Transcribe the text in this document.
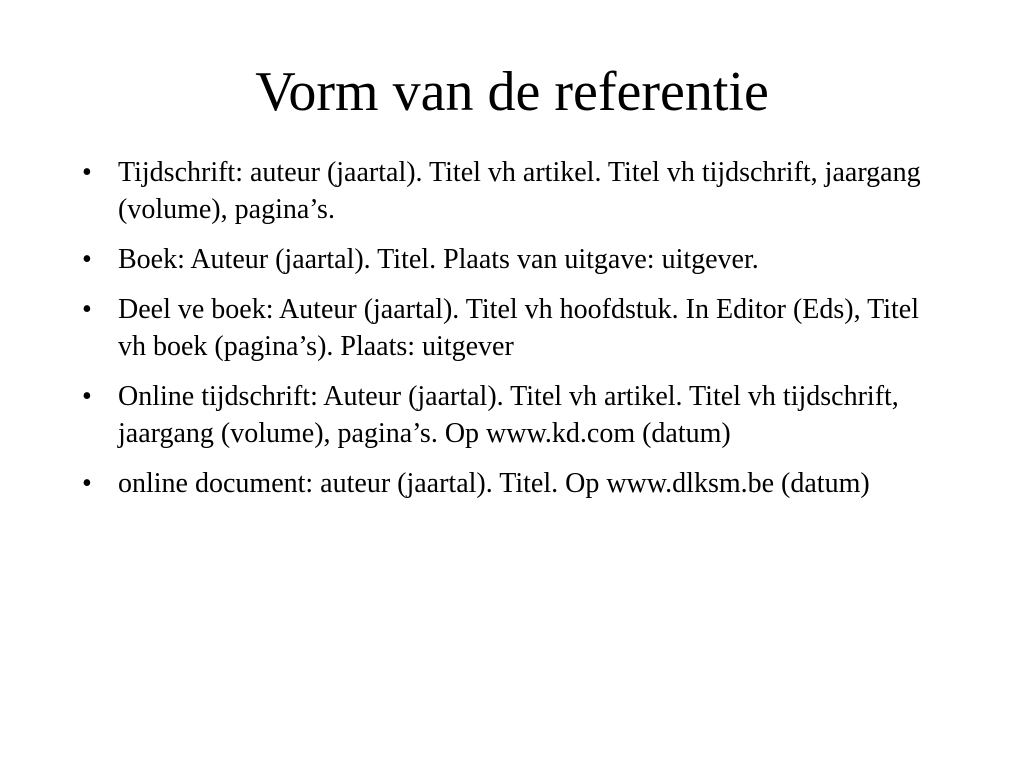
Vorm van de referentie
• Tijdschrift: auteur (jaartal). Titel vh artikel. Titel vh tijdschrift, jaargang (volume), pagina’s.
• Boek: Auteur (jaartal). Titel. Plaats van uitgave: uitgever.
• Deel ve boek: Auteur (jaartal). Titel vh hoofdstuk. In Editor (Eds), Titel vh boek (pagina’s). Plaats: uitgever
• Online tijdschrift: Auteur (jaartal). Titel vh artikel. Titel vh tijdschrift, jaargang (volume), pagina’s. Op www.kd.com (datum)
• online document: auteur (jaartal). Titel. Op www.dlksm.be (datum)
